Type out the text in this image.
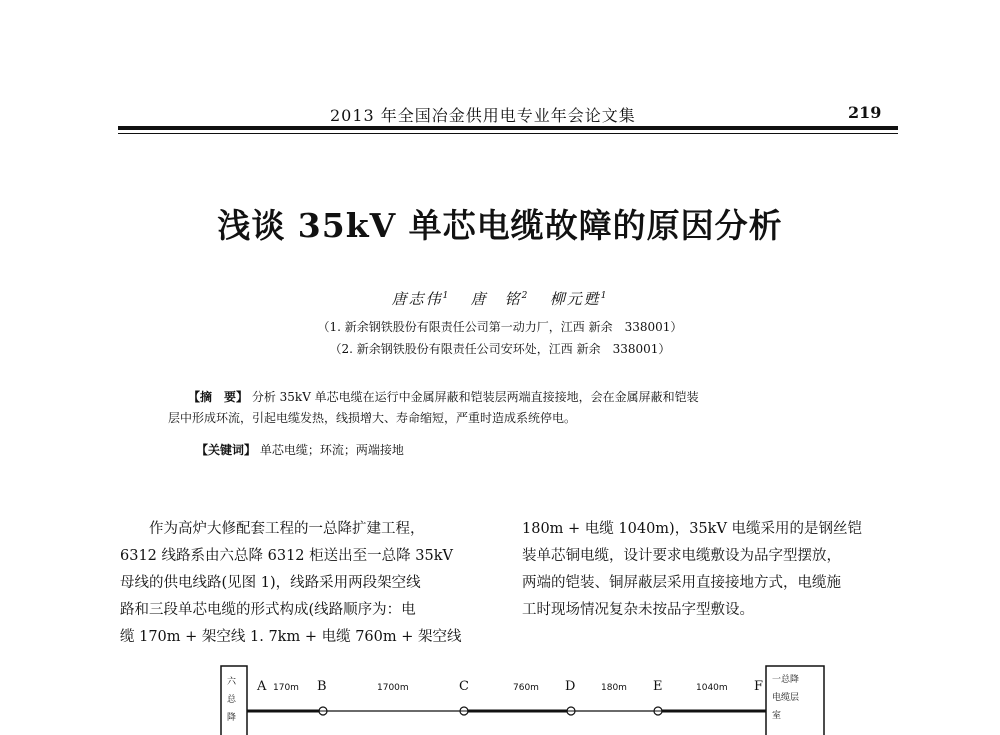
2013 年全国冶金供用电专业年会论文集	219
浅谈 35kV 单芯电缆故障的原因分析
唐志伟$^1$ 唐　铭$^2$ 柳元甦$^1$
（1. 新余钢铁股份有限责任公司第一动力厂，江西 新余　338001）
（2. 新余钢铁股份有限责任公司安环处，江西 新余　338001）
【摘　要】 分析 35kV 单芯电缆在运行中金属屏蔽和铠装层两端直接接地，会在金属屏蔽和铠装
层中形成环流，引起电缆发热，线损增大、寿命缩短，严重时造成系统停电。
【关键词】 单芯电缆；环流；两端接地
作为高炉大修配套工程的一总降扩建工程，
6312 线路系由六总降 6312 柜送出至一总降 35kV
母线的供电线路(见图 1)，线路采用两段架空线
路和三段单芯电缆的形式构成(线路顺序为：电
缆 170m + 架空线 1. 7km + 电缆 760m + 架空线
180m + 电缆 1040m)，35kV 电缆采用的是钢丝铠
装单芯铜电缆，设计要求电缆敷设为品字型摆放，
两端的铠装、铜屏蔽层采用直接接地方式，电缆施
工时现场情况复杂未按品字型敷设。
六
总
降
一总降
电缆层
室
A	B	C	D	E	F
170m	1700m	760m	180m	1040m
